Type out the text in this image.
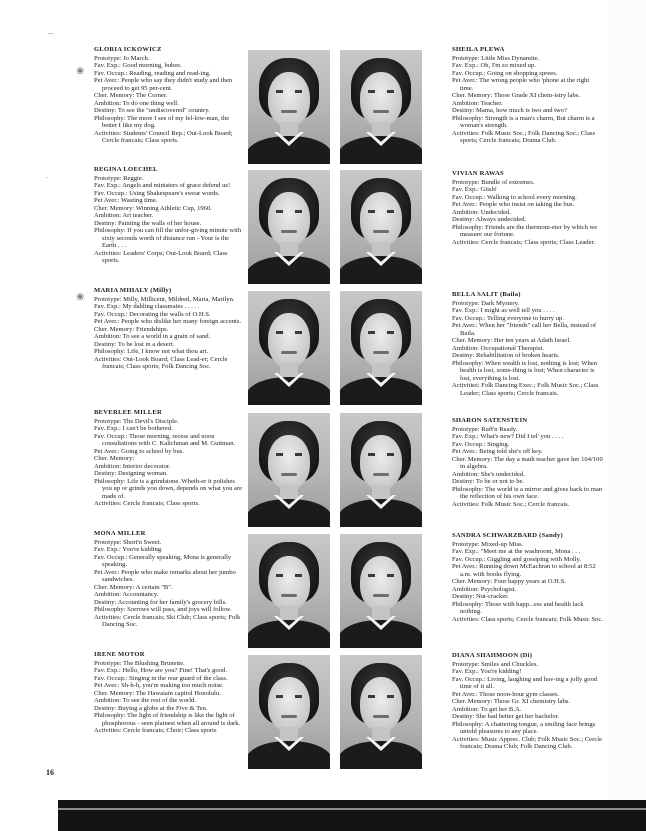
—
❀
·
❀
GLORIA ICKOWICZ
Prototype: Jo March.
Fav. Exp.: Good morning, bubee.
Fav. Occup.: Reading, reading and read-ing.
Pet Aver.: People who say they didn't study and then proceed to get 95 per-cent.
Cher. Memory: The Corner.
Ambition: To do one thing well.
Destiny: To see the "undiscovered" country.
Philosophy: The more I see of my fel-low-man, the better I like my dog.
Activities: Students' Council Rep.; Out-Look Board; Cercle francais; Class sports.
REGINA LOECHEL
Prototype: Reggie.
Fav. Exp.: Angels and ministers of grace defend us!
Fav. Occup.: Using Shakespeare's swear words.
Pet Aver.: Wasting time.
Cher. Memory: Winning Athletic Cup, 1960.
Ambition: Art teacher.
Destiny: Painting the walls of her house.
Philosophy: If you can fill the unfor-giving minute with sixty seconds worth of distance run - Your is the Earth . . .
Activities: Leaders' Corps; Out-Look Board; Class sports.
MARIA MIHALY (Milly)
Prototype: Milly, Millicent, Mildred, Maria, Marilyn.
Fav. Exp.: My dahling classmates . . . . .
Fav. Occup.: Decorating the walls of O.H.S.
Pet Aver.: People who dislike her many foreign accents.
Cher. Memory: Friendships.
Ambition: To see a world in a grain of sand.
Destiny: To be lost in a desert.
Philosophy: Life, I know not what thou art.
Activities: Out-Look Board; Class Lead-er; Cercle francais; Class sports; Folk Dancing Soc.
BEVERLEE MILLER
Prototype: The Devil's Disciple.
Fav. Exp.: I can't be bothered.
Fav. Occup.: Those morning, recess and noon consultations with C. Kalichman and M. Guttman.
Pet Aver.: Going to school by bus.
Cher. Memory:
Ambition: Interior decorator.
Destiny: Designing woman.
Philosophy: Life is a grindstone. Wheth-er it polishes you up or grinds you down, depends on what you are made of.
Activities: Cercle francais; Class sports.
MONA MILLER
Prototype: Short'n Sweet.
Fav. Exp.: You're kidding.
Fav. Occup.: Generally speaking, Mona is generally speaking.
Pet Aver.: People who make remarks about her jumbo sandwiches.
Cher. Memory: A certain "B".
Ambition: Accountancy.
Destiny: Accounting for her family's grocery bills.
Philosophy: Sorrows will pass, and joys will follow.
Activities: Cercle francais; Ski Club; Class sports; Folk Dancing Soc.
IRENE MOTOR
Prototype: The Blushing Brunette.
Fav. Exp.: Hello, How are you? Fine! That's good.
Fav. Occup.: Singing in the rear guard of the class.
Pet Aver.: Sh-h-h, you're making too much noise.
Cher. Memory: The Hawaiain capitol Honolulu.
Ambition: To see the rest of the world.
Destiny: Buying a globe at the Five & Ten.
Philosophy: The light of friendship is like the light of phosphorous - seen plainest when all around is dark.
Activities: Cercle francais; Choir; Class sports
SHEILA PLEWA
Prototype: Little Miss Dynamite.
Fav. Exp.: Oh, I'm so mixed up.
Fav. Occup.: Going on shopping sprees.
Pet Aver.: The wrong people who 'phone at the right time.
Cher. Memory: Those Grade XI chem-istry labs.
Ambition: Teacher.
Destiny: Mama, how much is two and two?
Philosophy: Strength is a man's charm, But charm is a woman's strength.
Activities: Folk Music Soc.; Folk Dancing Soc.; Class sports; Cercle francais; Drama Club.
VIVIAN RAWAS
Prototype: Bundle of extremes.
Fav. Exp.: Giish!
Fav. Occup.: Walking to school every morning.
Pet Aver.: People who insist on taking the bus.
Ambition: Undecided.
Destiny: Always undecided.
Philosophy: Friends are the thermom-eter by which we measure our fortune.
Activities: Cercle francais; Class sports; Class Leader.
BELLA SALIT (Baila)
Prototype: Dark Mystery.
Fav. Exp.: I might as well tell you . . . .
Fav. Occup.: Telling everyone to hurry up.
Pet Aver.: When her "friends" call her Bella, instead of Baila.
Cher. Memory: Her ten years at Adath Israel.
Ambition: Occupational Therapist.
Destiny: Rehabilitation of broken hearts.
Philosophy: When wealth is lost, nothing is lost; When health is lost, some-thing is lost; When character is lost, everything is lost.
Activities: Folk Dancing Exec.; Folk Music Soc.; Class Leader; Class sports; Cercle francais.
SHARON SATENSTEIN
Prototype: Ruff'n Ready.
Fav. Exp.: What's new? Did I tel' you . . . .
Fav. Occup.: Singing.
Pet Aver.: Being told she's off key.
Cher. Memory: The day a math teacher gave her 104/100 in algebra.
Ambition: She's undecided.
Destiny: To be or not to be.
Philosophy: The world is a mirror and gives back to man the reflection of his own face.
Activities: Folk Music Soc.; Cercle francais.
SANDRA SCHWARZBARD (Sandy)
Prototype: Mixed-up Miss.
Fav. Exp.: "Meet me at the washroom, Mona . . .
Fav. Occup.: Giggling and gossiping with Molly.
Pet Aver.: Running down McEachran to school at 8:52 a.m. with books flying.
Cher. Memory: Four happy years at O.H.S.
Ambition: Psychologist.
Destiny: Nut-cracker.
Philosophy: Those with happ...ess and health lack nothing.
Activities: Class sports; Cercle francais; Folk Music Soc.
DIANA SHAHMOON (Di)
Prototype: Smiles and Chuckles.
Fav. Exp.: You're kidding!
Fav. Occup.: Living, laughing and hav-ing a jolly good time of it all.
Pet Aver.: Those noon-hour gym classes.
Cher. Memory: Those Gr. XI chemistry labs.
Ambition: To get her B.A.
Destiny: She had better get her bachelor.
Philosophy: A chattering tongue, a smiling face brings untold pleasures to any place.
Activities: Music Apprec. Club; Folk Music Soc.; Cercle francais; Drama Club; Folk Dancing Club.
16
